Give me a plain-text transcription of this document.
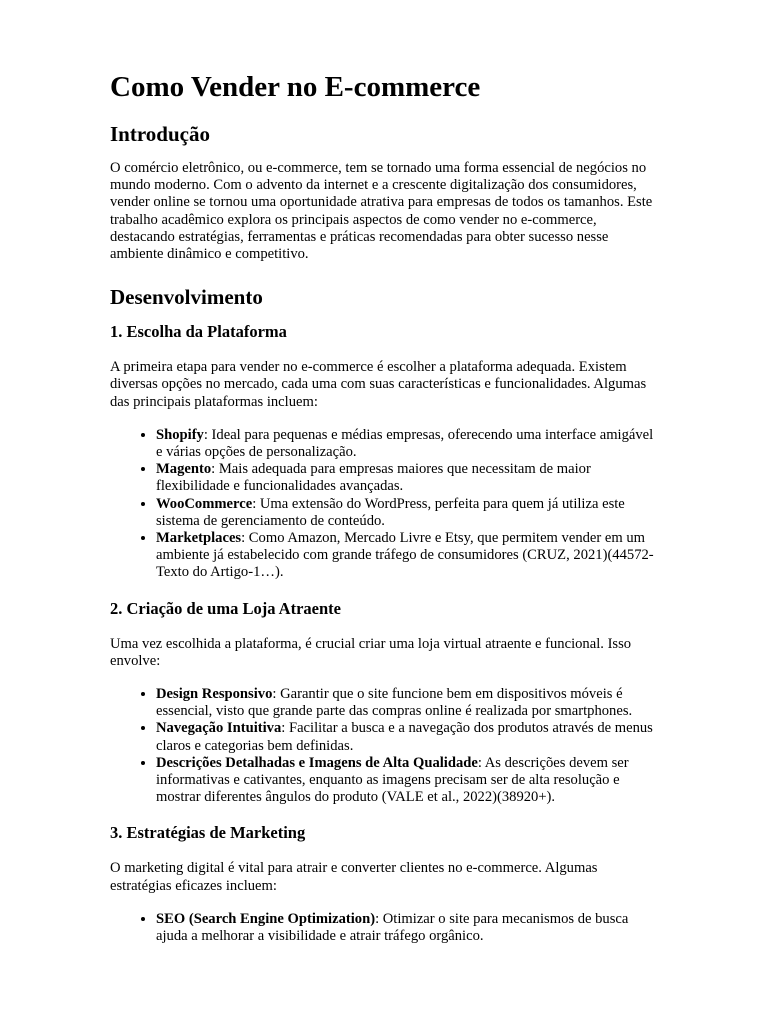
Como Vender no E-commerce
Introdução

O comércio eletrônico, ou e-commerce, tem se tornado uma forma essencial de negócios no mundo moderno. Com o advento da internet e a crescente digitalização dos consumidores, vender online se tornou uma oportunidade atrativa para empresas de todos os tamanhos. Este trabalho acadêmico explora os principais aspectos de como vender no e-commerce, destacando estratégias, ferramentas e práticas recomendadas para obter sucesso nesse ambiente dinâmico e competitivo.

Desenvolvimento
1. Escolha da Plataforma

A primeira etapa para vender no e-commerce é escolher a plataforma adequada. Existem diversas opções no mercado, cada uma com suas características e funcionalidades. Algumas das principais plataformas incluem:

• Shopify: Ideal para pequenas e médias empresas, oferecendo uma interface amigável e várias opções de personalização.
• Magento: Mais adequada para empresas maiores que necessitam de maior flexibilidade e funcionalidades avançadas.
• WooCommerce: Uma extensão do WordPress, perfeita para quem já utiliza este sistema de gerenciamento de conteúdo.
• Marketplaces: Como Amazon, Mercado Livre e Etsy, que permitem vender em um ambiente já estabelecido com grande tráfego de consumidores (CRUZ, 2021)(44572-Texto do Artigo-1…).
2. Criação de uma Loja Atraente

Uma vez escolhida a plataforma, é crucial criar uma loja virtual atraente e funcional. Isso envolve:

• Design Responsivo: Garantir que o site funcione bem em dispositivos móveis é essencial, visto que grande parte das compras online é realizada por smartphones.
• Navegação Intuitiva: Facilitar a busca e a navegação dos produtos através de menus claros e categorias bem definidas.
• Descrições Detalhadas e Imagens de Alta Qualidade: As descrições devem ser informativas e cativantes, enquanto as imagens precisam ser de alta resolução e mostrar diferentes ângulos do produto (VALE et al., 2022)(38920+).
3. Estratégias de Marketing

O marketing digital é vital para atrair e converter clientes no e-commerce. Algumas estratégias eficazes incluem:

• SEO (Search Engine Optimization): Otimizar o site para mecanismos de busca ajuda a melhorar a visibilidade e atrair tráfego orgânico.
